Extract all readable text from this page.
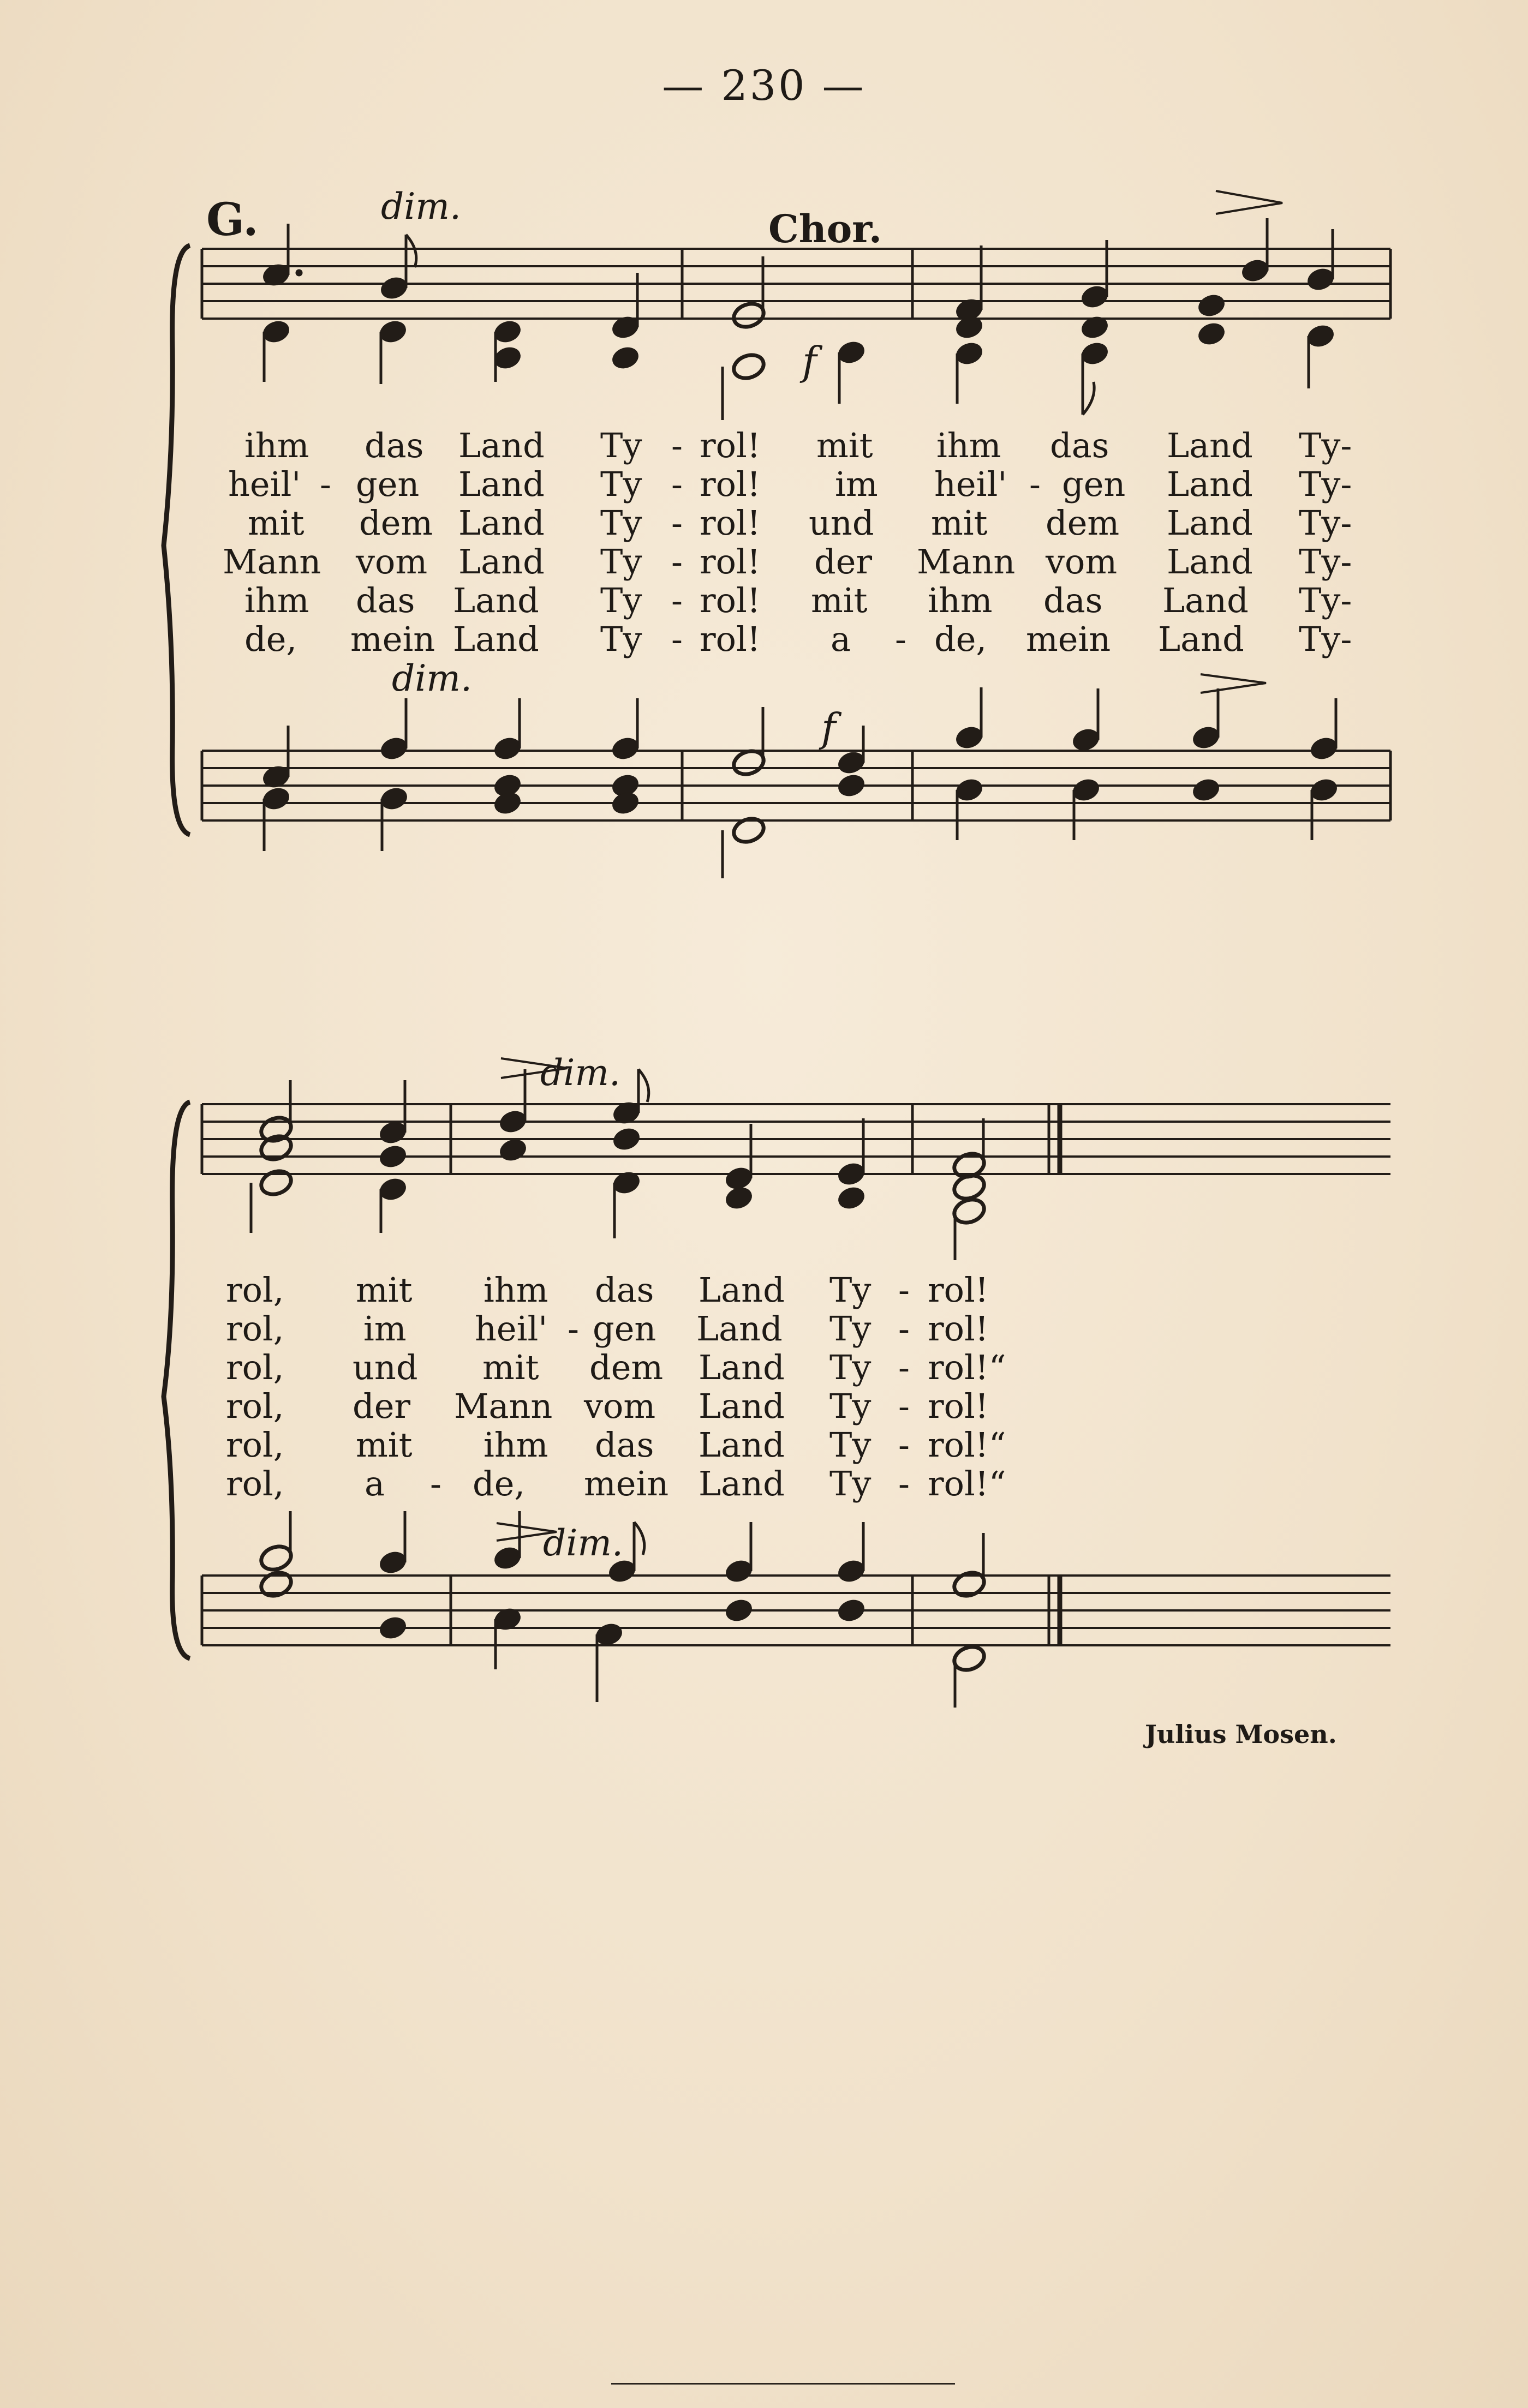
— 230 —
G.	Chor.
dim.
f
dim.
f
dim.
dim.
ihm das Land Ty - rol! mit ihm das Land Ty-
heil' - gen Land Ty - rol! im heil' - gen Land Ty-
mit dem Land Ty - rol! und mit dem Land Ty-
Mann vom Land Ty - rol! der Mann vom Land Ty-
ihm das Land Ty - rol! mit ihm das Land Ty-
de, mein Land Ty - rol! a - de, mein Land Ty-
rol, mit ihm das Land Ty - rol!
rol, im heil' - gen Land Ty - rol!
rol, und mit dem Land Ty - rol!“
rol, der Mann vom Land Ty - rol!
rol, mit ihm das Land Ty - rol!“
rol, a - de, mein Land Ty - rol!“
Julius Mosen.
